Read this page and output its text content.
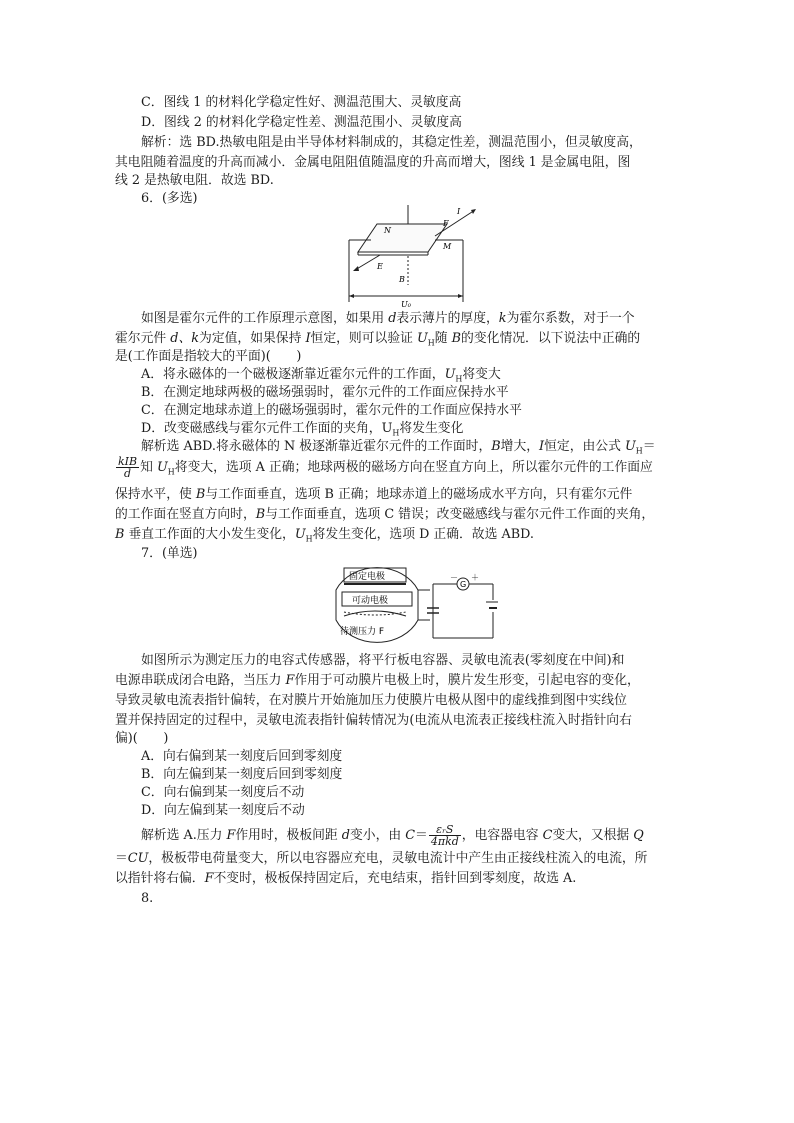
C．图线 1 的材料化学稳定性好、测温范围大、灵敏度高
D．图线 2 的材料化学稳定性差、测温范围小、灵敏度高
解析：选 BD.热敏电阻是由半导体材料制成的，其稳定性差，测温范围小，但灵敏度高，
其电阻随着温度的升高而减小．金属电阻阻值随温度的升高而增大，图线 1 是金属电阻，图
线 2 是热敏电阻．故选 BD.
6．(多选)
N
F
I
M
E
B
U₀
如图是霍尔元件的工作原理示意图，如果用 d表示薄片的厚度，k为霍尔系数，对于一个
霍尔元件 d、k为定值，如果保持 I恒定，则可以验证 $U_H$随 B的变化情况．以下说法中正确的
是(工作面是指较大的平面)(　　)
A．将永磁体的一个磁极逐渐靠近霍尔元件的工作面，$U_H$将变大
B．在测定地球两极的磁场强弱时，霍尔元件的工作面应保持水平
C．在测定地球赤道上的磁场强弱时，霍尔元件的工作面应保持水平
D．改变磁感线与霍尔元件工作面的夹角，$U_H$将发生变化
解析选 ABD.将永磁体的 N 极逐渐靠近霍尔元件的工作面时，B增大，I恒定，由公式 $U_H=$
$\frac{\text{kIB}}{d}$ 知 $U_H$将变大，选项 A 正确；地球两极的磁场方向在竖直方向上，所以霍尔元件的工作面应
保持水平，使 B与工作面垂直，选项 B 正确；地球赤道上的磁场成水平方向，只有霍尔元件
的工作面在竖直方向时，B与工作面垂直，选项 C 错误；改变磁感线与霍尔元件工作面的夹角，
B 垂直工作面的大小发生变化，$U_H$将发生变化，选项 D 正确．故选 ABD.
7．(单选)
固定电极
可动电极
待测压力 F
G
－ ＋
如图所示为测定压力的电容式传感器，将平行板电容器、灵敏电流表(零刻度在中间)和
电源串联成闭合电路，当压力 F作用于可动膜片电极上时，膜片发生形变，引起电容的变化，
导致灵敏电流表指针偏转，在对膜片开始施加压力使膜片电极从图中的虚线推到图中实线位
置并保持固定的过程中，灵敏电流表指针偏转情况为(电流从电流表正接线柱流入时指针向右
偏)(　　)
A．向右偏到某一刻度后回到零刻度
B．向左偏到某一刻度后回到零刻度
C．向右偏到某一刻度后不动
D．向左偏到某一刻度后不动
解析选 A.压力 F作用时，极板间距 d变小，由 $C= \frac{\text{εᵣS}}{\text{4πkd}}$ ，电容器电容 C变大，又根据 Q
＝CU，极板带电荷量变大，所以电容器应充电，灵敏电流计中产生由正接线柱流入的电流，所
以指针将右偏．F不变时，极板保持固定后，充电结束，指针回到零刻度，故选 A.
8.
